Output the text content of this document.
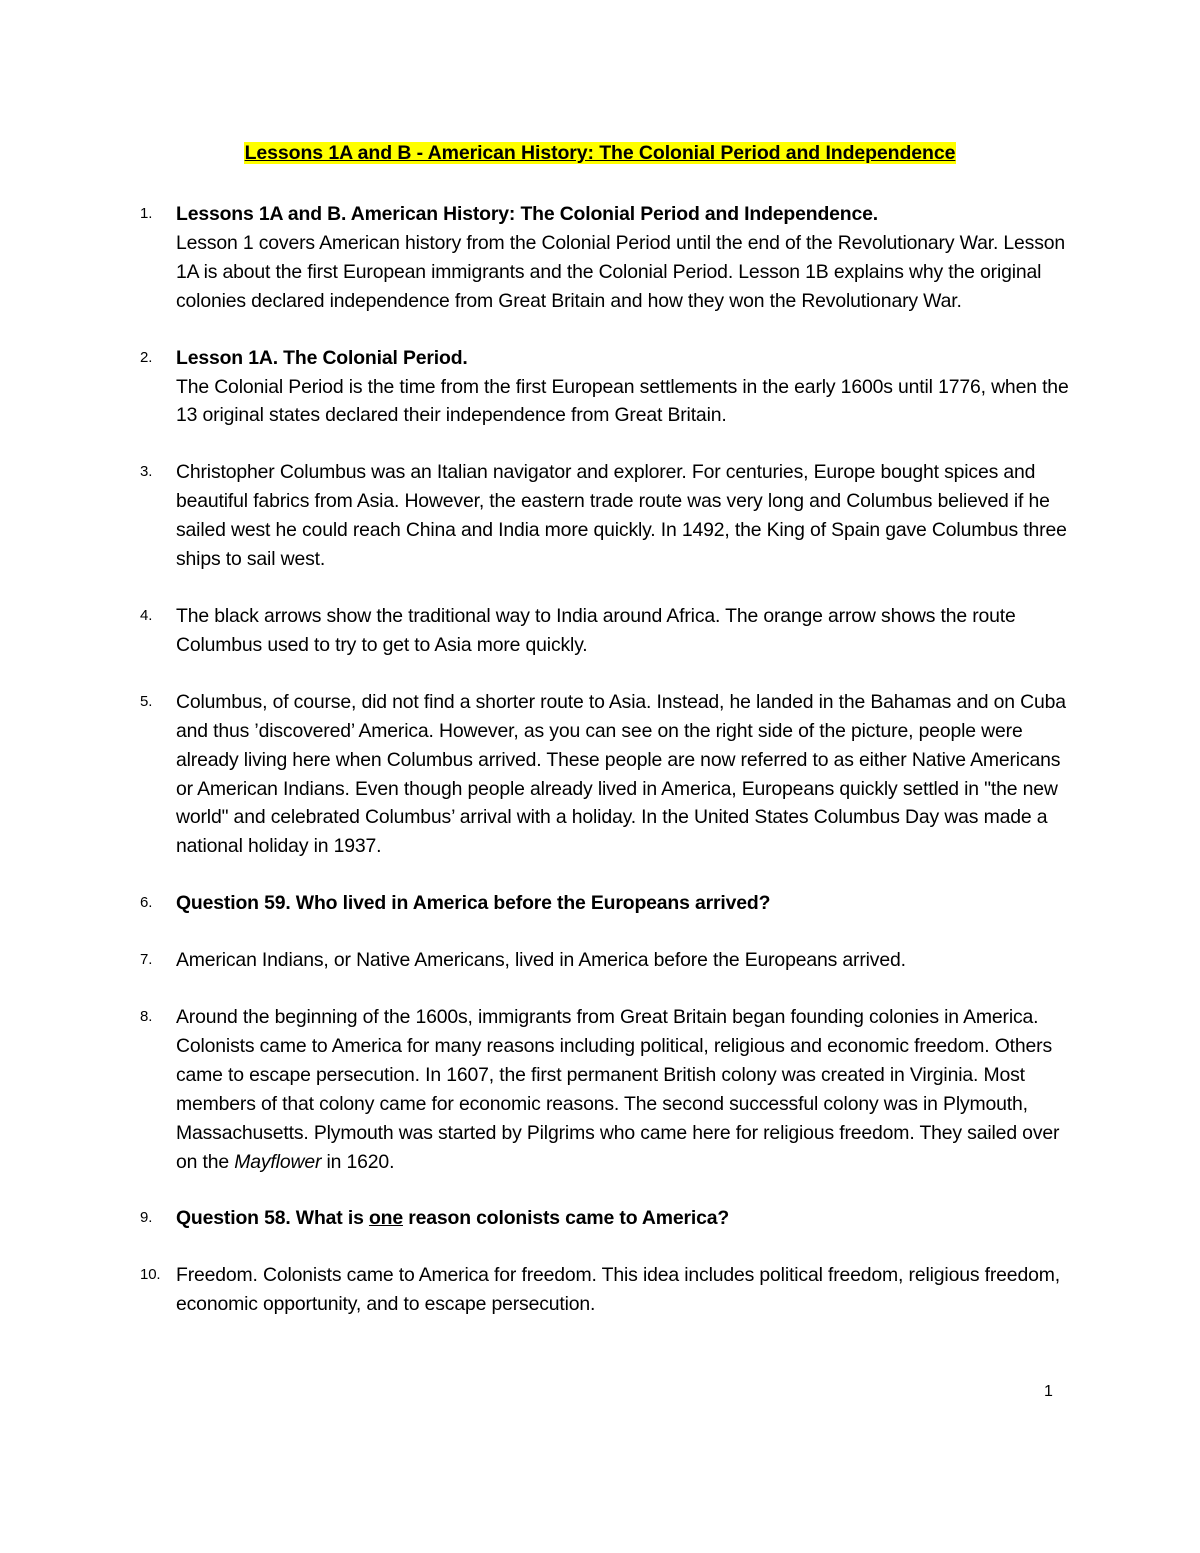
Lessons 1A and B - American History: The Colonial Period and Independence
1.	Lessons 1A and B. American History: The Colonial Period and Independence.
Lesson 1 covers American history from the Colonial Period until the end of the Revolutionary War. Lesson 1A is about the first European immigrants and the Colonial Period. Lesson 1B explains why the original colonies declared independence from Great Britain and how they won the Revolutionary War.
2.	Lesson 1A. The Colonial Period.
The Colonial Period is the time from the first European settlements in the early 1600s until 1776, when the 13 original states declared their independence from Great Britain.
3.	Christopher Columbus was an Italian navigator and explorer. For centuries, Europe bought spices and beautiful fabrics from Asia. However, the eastern trade route was very long and Columbus believed if he sailed west he could reach China and India more quickly. In 1492, the King of Spain gave Columbus three ships to sail west.
4.	The black arrows show the traditional way to India around Africa. The orange arrow shows the route Columbus used to try to get to Asia more quickly.
5.	Columbus, of course, did not find a shorter route to Asia. Instead, he landed in the Bahamas and on Cuba and thus ’discovered’ America. However, as you can see on the right side of the picture, people were already living here when Columbus arrived. These people are now referred to as either Native Americans or American Indians. Even though people already lived in America, Europeans quickly settled in "the new world" and celebrated Columbus’ arrival with a holiday. In the United States Columbus Day was made a national holiday in 1937.
6.	Question 59. Who lived in America before the Europeans arrived?
7.	American Indians, or Native Americans, lived in America before the Europeans arrived.
8.	Around the beginning of the 1600s, immigrants from Great Britain began founding colonies in America. Colonists came to America for many reasons including political, religious and economic freedom. Others came to escape persecution. In 1607, the first permanent British colony was created in Virginia. Most members of that colony came for economic reasons. The second successful colony was in Plymouth, Massachusetts. Plymouth was started by Pilgrims who came here for religious freedom. They sailed over on the Mayflower in 1620.
9.	Question 58. What is one reason colonists came to America?
10. Freedom. Colonists came to America for freedom. This idea includes political freedom, religious freedom, economic opportunity, and to escape persecution.
1
